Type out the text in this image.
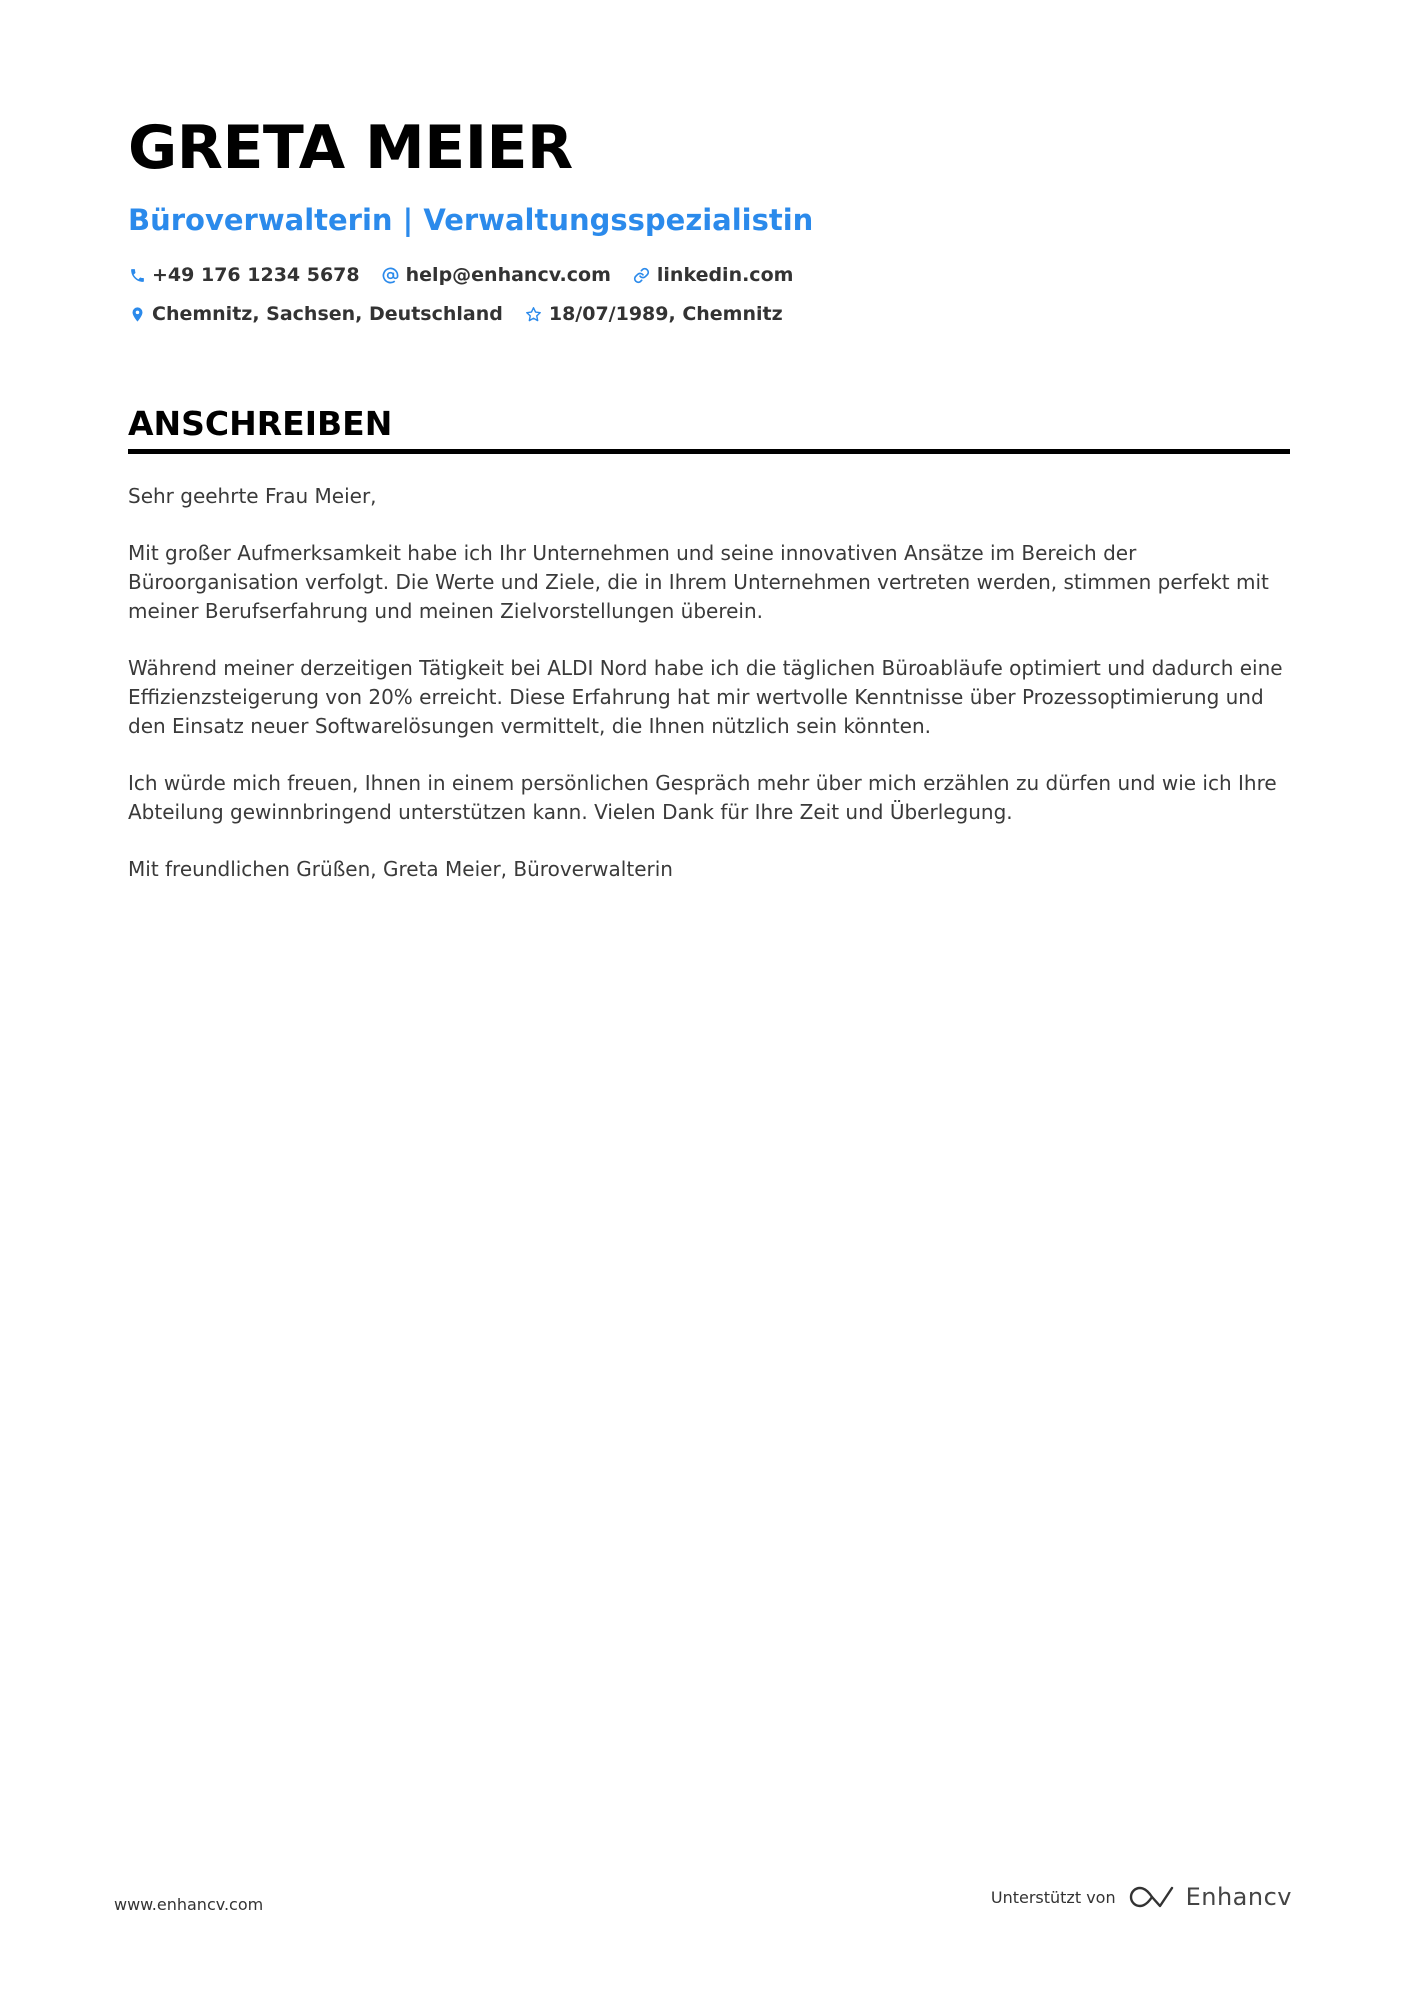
GRETA MEIER
Büroverwalterin | Verwaltungsspezialistin
+49 176 1234 5678 help@enhancv.com linkedin.com
Chemnitz, Sachsen, Deutschland 18/07/1989, Chemnitz
ANSCHREIBEN

Sehr geehrte Frau Meier,

Mit großer Aufmerksamkeit habe ich Ihr Unternehmen und seine innovativen Ansätze im Bereich der Büroorganisation verfolgt. Die Werte und Ziele, die in Ihrem Unternehmen vertreten werden, stimmen perfekt mit meiner Berufserfahrung und meinen Zielvorstellungen überein.

Während meiner derzeitigen Tätigkeit bei ALDI Nord habe ich die täglichen Büroabläufe optimiert und dadurch eine Effizienzsteigerung von 20% erreicht. Diese Erfahrung hat mir wertvolle Kenntnisse über Prozessoptimierung und den Einsatz neuer Softwarelösungen vermittelt, die Ihnen nützlich sein könnten.

Ich würde mich freuen, Ihnen in einem persönlichen Gespräch mehr über mich erzählen zu dürfen und wie ich Ihre Abteilung gewinnbringend unterstützen kann. Vielen Dank für Ihre Zeit und Überlegung.

Mit freundlichen Grüßen, Greta Meier, Büroverwalterin

www.enhancv.com	Unterstützt von	Enhancv
